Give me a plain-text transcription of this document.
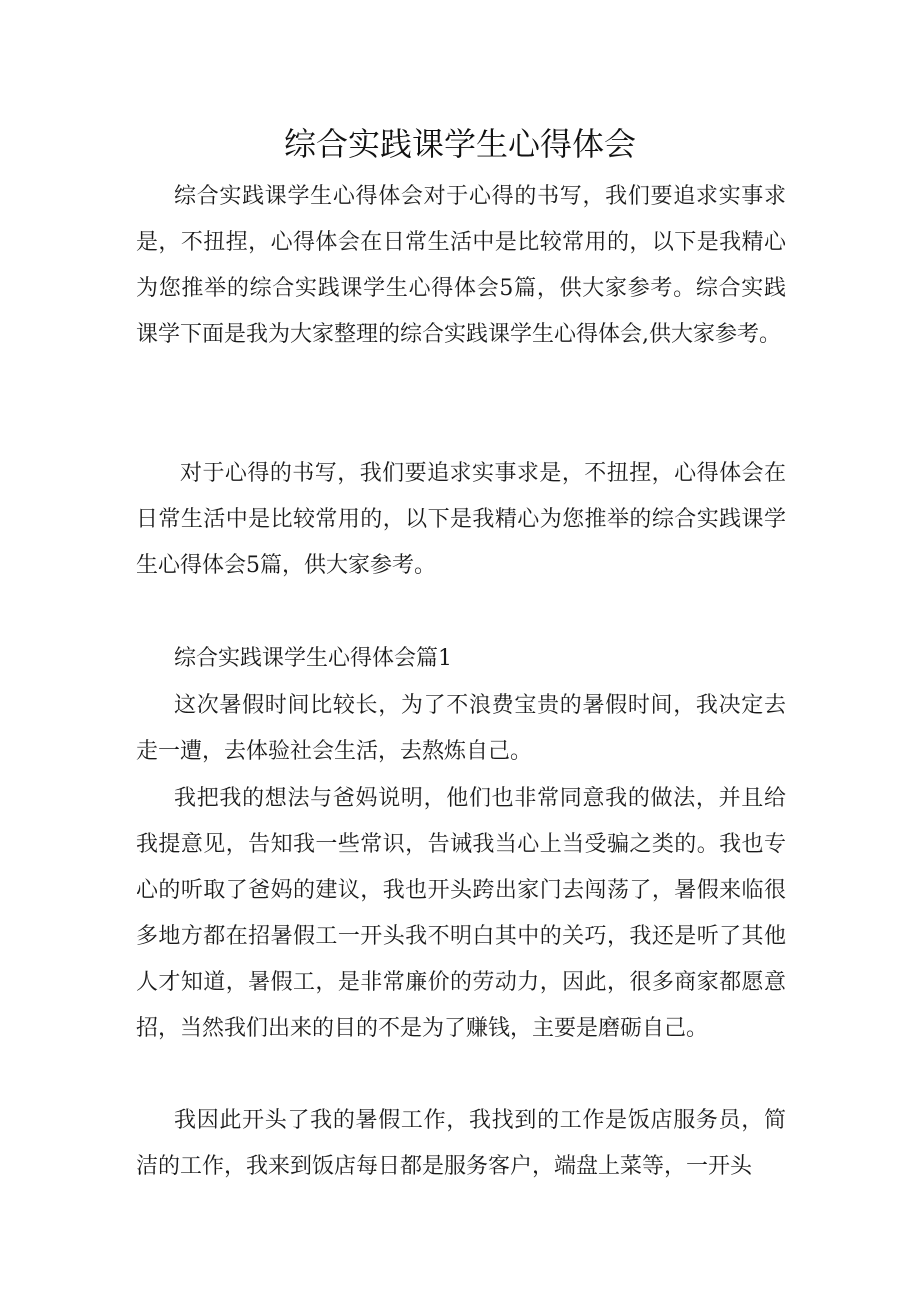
综合实践课学生心得体会

综合实践课学生心得体会对于心得的书写，我们要追求实事求是，不扭捏，心得体会在日常生活中是比较常用的，以下是我精心为您推举的综合实践课学生心得体会5篇，供大家参考。综合实践课学下面是我为大家整理的综合实践课学生心得体会,供大家参考。

对于心得的书写，我们要追求实事求是，不扭捏，心得体会在日常生活中是比较常用的，以下是我精心为您推举的综合实践课学生心得体会5篇，供大家参考。

综合实践课学生心得体会篇1

这次暑假时间比较长，为了不浪费宝贵的暑假时间，我决定去走一遭，去体验社会生活，去熬炼自己。

我把我的想法与爸妈说明，他们也非常同意我的做法，并且给我提意见，告知我一些常识，告诫我当心上当受骗之类的。我也专心的听取了爸妈的建议，我也开头跨出家门去闯荡了，暑假来临很多地方都在招暑假工一开头我不明白其中的关巧，我还是听了其他人才知道，暑假工，是非常廉价的劳动力，因此，很多商家都愿意招，当然我们出来的目的不是为了赚钱，主要是磨砺自己。

我因此开头了我的暑假工作，我找到的工作是饭店服务员，简洁的工作，我来到饭店每日都是服务客户，端盘上菜等，一开头
